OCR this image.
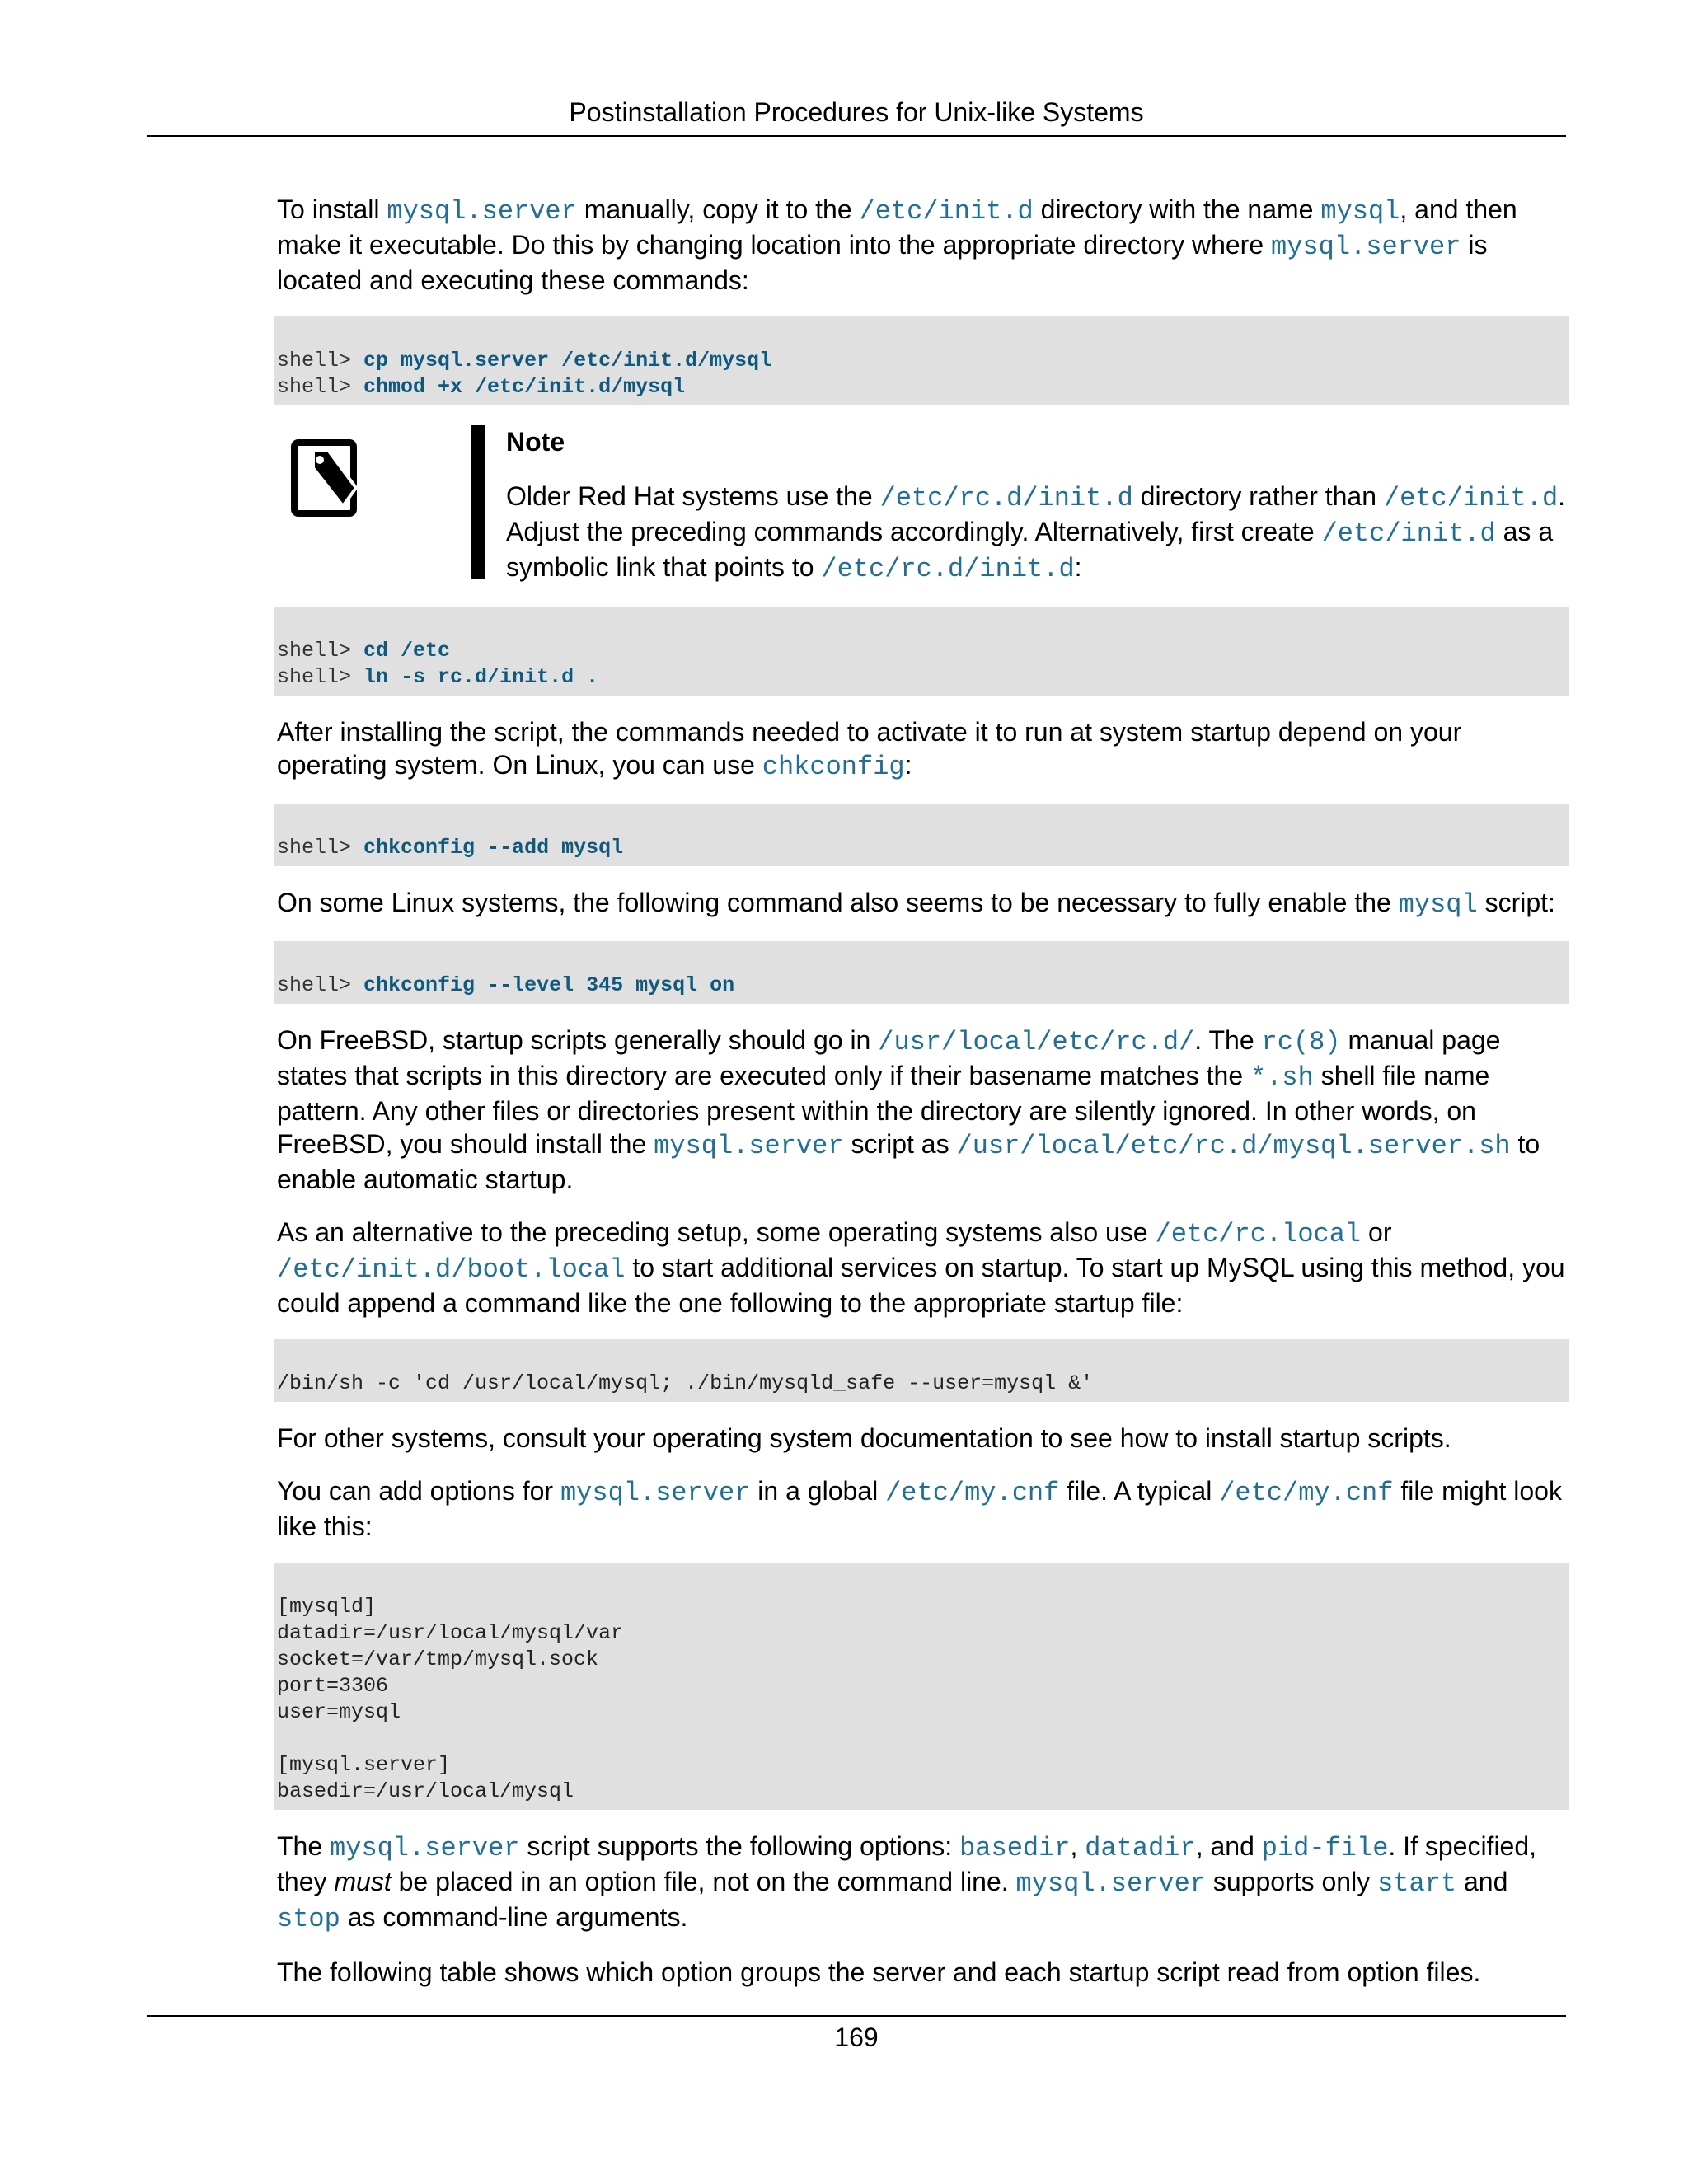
Postinstallation Procedures for Unix-like Systems

To install mysql.server manually, copy it to the /etc/init.d directory with the name mysql, and then make it executable. Do this by changing location into the appropriate directory where mysql.server is located and executing these commands:

shell> cp mysql.server /etc/init.d/mysql
shell> chmod +x /etc/init.d/mysql
Note

Older Red Hat systems use the /etc/rc.d/init.d directory rather than /etc/init.d. Adjust the preceding commands accordingly. Alternatively, first create /etc/init.d as a symbolic link that points to /etc/rc.d/init.d:

shell> cd /etc
shell> ln -s rc.d/init.d .

After installing the script, the commands needed to activate it to run at system startup depend on your operating system. On Linux, you can use chkconfig:

shell> chkconfig --add mysql

On some Linux systems, the following command also seems to be necessary to fully enable the mysql script:

shell> chkconfig --level 345 mysql on

On FreeBSD, startup scripts generally should go in /usr/local/etc/rc.d/. The rc(8) manual page states that scripts in this directory are executed only if their basename matches the *.sh shell file name pattern. Any other files or directories present within the directory are silently ignored. In other words, on FreeBSD, you should install the mysql.server script as /usr/local/etc/rc.d/mysql.server.sh to enable automatic startup.

As an alternative to the preceding setup, some operating systems also use /etc/rc.local or /etc/init.d/boot.local to start additional services on startup. To start up MySQL using this method, you could append a command like the one following to the appropriate startup file:

/bin/sh -c 'cd /usr/local/mysql; ./bin/mysqld_safe --user=mysql &'

For other systems, consult your operating system documentation to see how to install startup scripts.

You can add options for mysql.server in a global /etc/my.cnf file. A typical /etc/my.cnf file might look like this:

[mysqld]
datadir=/usr/local/mysql/var
socket=/var/tmp/mysql.sock
port=3306
user=mysql

[mysql.server]
basedir=/usr/local/mysql

The mysql.server script supports the following options: basedir, datadir, and pid-file. If specified, they must be placed in an option file, not on the command line. mysql.server supports only start and stop as command-line arguments.

The following table shows which option groups the server and each startup script read from option files.

169
